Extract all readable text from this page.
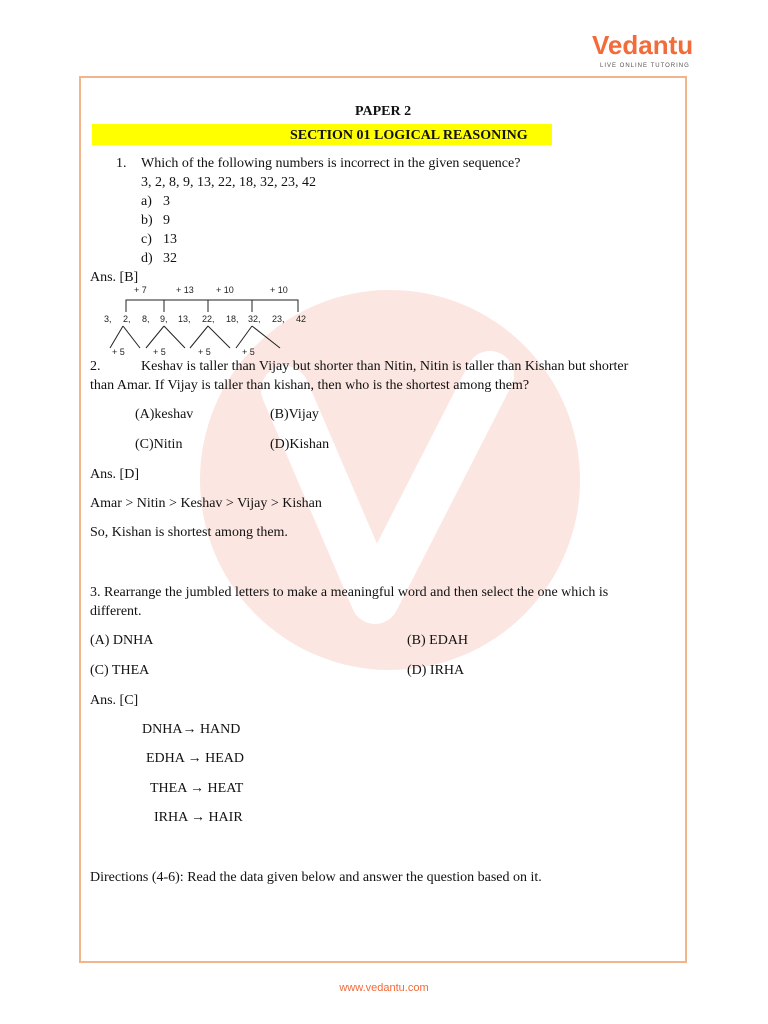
Vedantu
LIVE ONLINE TUTORING
PAPER 2
SECTION 01 LOGICAL REASONING
1. Which of the following numbers is incorrect in the given sequence?
3, 2, 8, 9, 13, 22, 18, 32, 23, 42
a) 3
b) 9
c) 13
d) 32
Ans. [B]
+ 7	+ 13 + 10	+ 10
3, 2, 8, 9, 13, 22, 18, 32, 23, 42
+ 5	+ 5	+ 5	+ 5
2.	Keshav is taller than Vijay but shorter than Nitin, Nitin is taller than Kishan but shorter
than Amar. If Vijay is taller than kishan, then who is the shortest among them?
(A)keshav	(B)Vijay
(C)Nitin	(D)Kishan
Ans. [D]
Amar > Nitin > Keshav > Vijay > Kishan
So, Kishan is shortest among them.
3. Rearrange the jumbled letters to make a meaningful word and then select the one which is
different.
(A) DNHA	(B) EDAH
(C) THEA	(D) IRHA
Ans. [C]
DNHA→ HAND
EDHA → HEAD
THEA → HEAT
IRHA → HAIR
Directions (4-6): Read the data given below and answer the question based on it.
www.vedantu.com
